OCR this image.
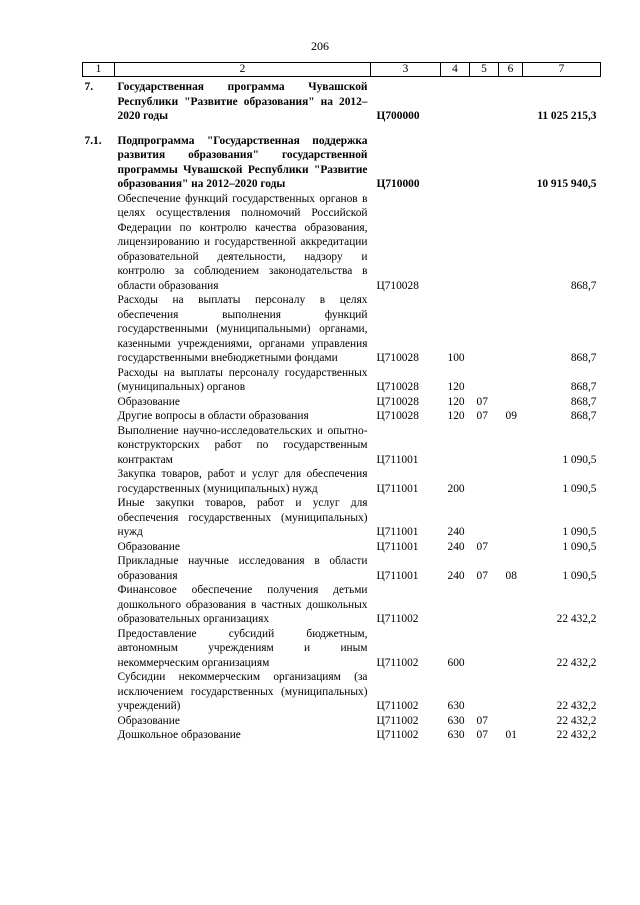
206
1	2	3	4	5	6	7
7.	Государственная программа Чувашской Республики "Развитие образования" на 2012–2020 годы	Ц700000				11 025 215,3

7.1.	Подпрограмма "Государственная поддержка развития образования" государственной программы Чувашской Республики "Развитие образования" на 2012–2020 годы	Ц710000				10 915 940,5
	Обеспечение функций государственных органов в целях осуществления полномочий Российской Федерации по контролю качества образования, лицензированию и государственной аккредитации образовательной деятельности, надзору и контролю за соблюдением законодательства в области образования	Ц710028				868,7
	Расходы на выплаты персоналу в целях обеспечения выполнения функций государственными (муниципальными) органами, казенными учреждениями, органами управления государственными внебюджетными фондами	Ц710028	100			868,7
	Расходы на выплаты персоналу государственных (муниципальных) органов	Ц710028	120			868,7
	Образование	Ц710028	120	07		868,7
	Другие вопросы в области образования	Ц710028	120	07	09	868,7
	Выполнение научно-исследовательских и опытно-конструкторских работ по государственным контрактам	Ц711001				1 090,5
	Закупка товаров, работ и услуг для обеспечения государственных (муниципальных) нужд	Ц711001	200			1 090,5
	Иные закупки товаров, работ и услуг для обеспечения государственных (муниципальных) нужд	Ц711001	240			1 090,5
	Образование	Ц711001	240	07		1 090,5
	Прикладные научные исследования в области образования	Ц711001	240	07	08	1 090,5
	Финансовое обеспечение получения детьми дошкольного образования в частных дошкольных образовательных организациях	Ц711002				22 432,2
	Предоставление субсидий бюджетным, автономным учреждениям и иным некоммерческим организациям	Ц711002	600			22 432,2
	Субсидии некоммерческим организациям (за исключением государственных (муниципальных) учреждений)	Ц711002	630			22 432,2
	Образование	Ц711002	630	07		22 432,2
	Дошкольное образование	Ц711002	630	07	01	22 432,2
